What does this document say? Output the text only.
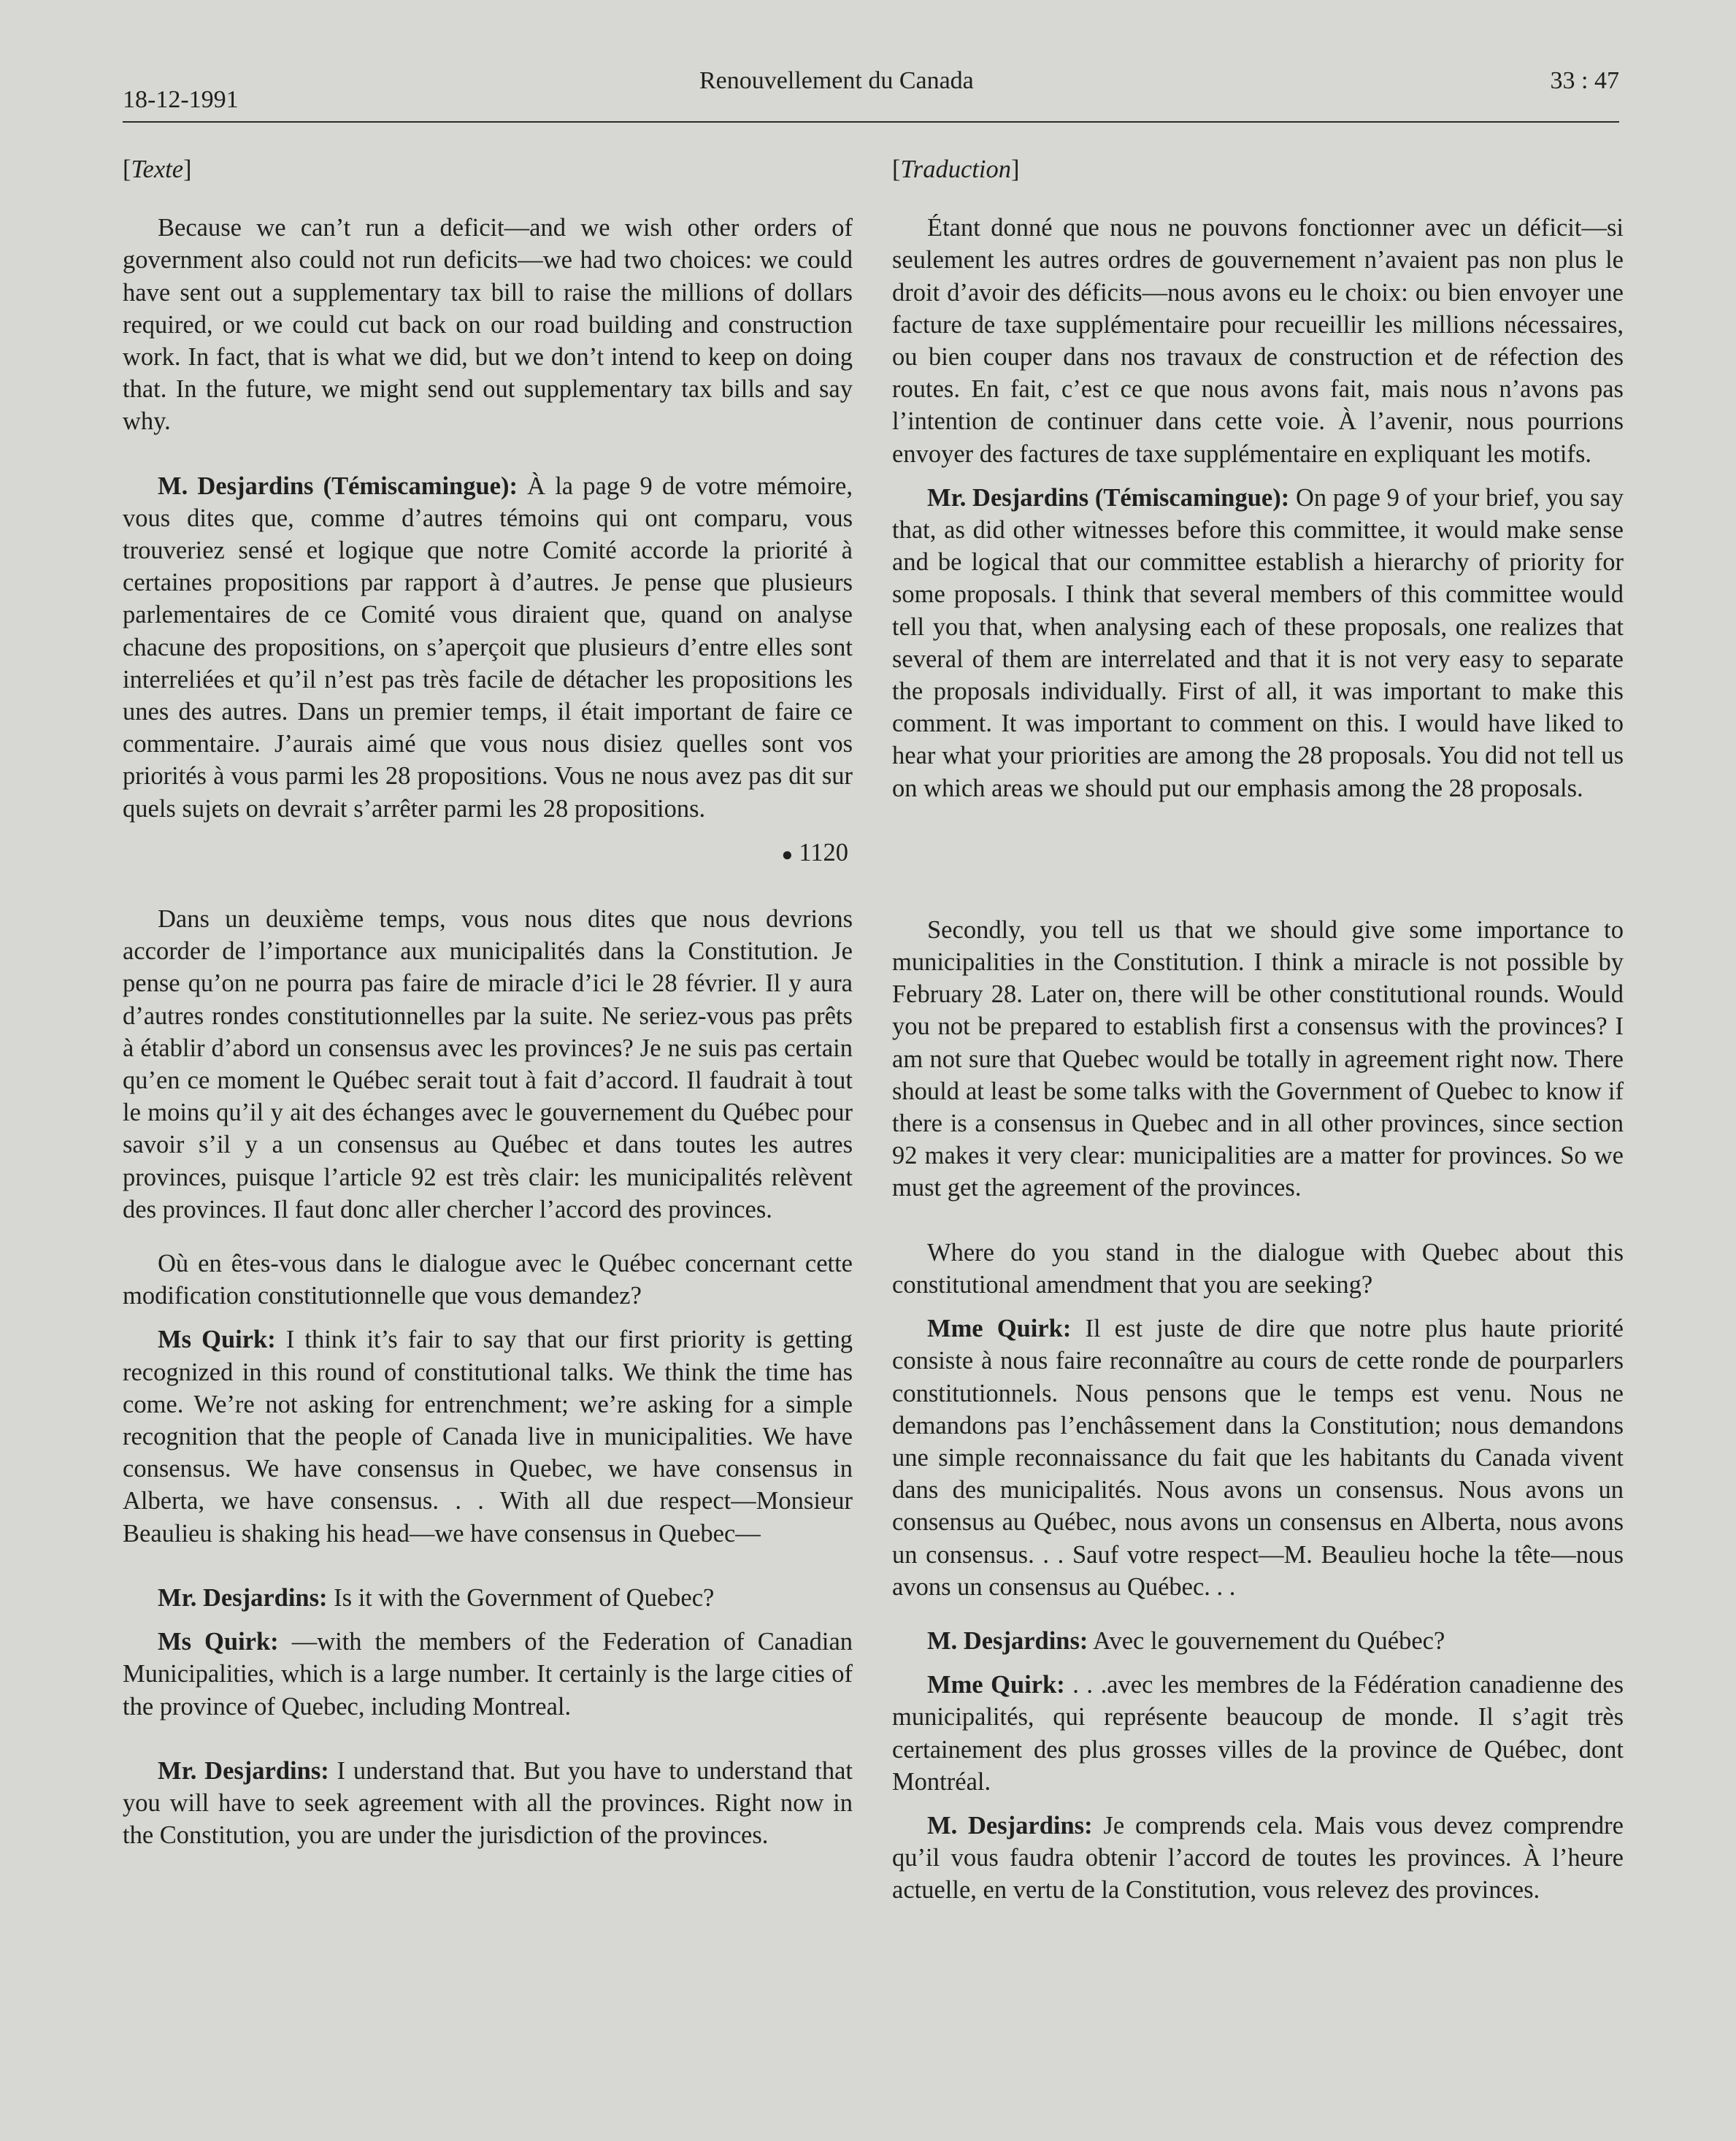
18-12-1991
Renouvellement du Canada	33 : 47

[Texte]

Because we can’t run a deficit—and we wish other orders of government also could not run deficits—we had two choices: we could have sent out a supplementary tax bill to raise the millions of dollars required, or we could cut back on our road building and construction work. In fact, that is what we did, but we don’t intend to keep on doing that. In the future, we might send out supplementary tax bills and say why.

M. Desjardins (Témiscamingue): À la page 9 de votre mémoire, vous dites que, comme d’autres témoins qui ont comparu, vous trouveriez sensé et logique que notre Comité accorde la priorité à certaines propositions par rapport à d’autres. Je pense que plusieurs parlementaires de ce Comité vous diraient que, quand on analyse chacune des propositions, on s’aperçoit que plusieurs d’entre elles sont interreliées et qu’il n’est pas très facile de détacher les propositions les unes des autres. Dans un premier temps, il était important de faire ce commentaire. J’aurais aimé que vous nous disiez quelles sont vos priorités à vous parmi les 28 propositions. Vous ne nous avez pas dit sur quels sujets on devrait s’arrêter parmi les 28 propositions.

● 1120

Dans un deuxième temps, vous nous dites que nous devrions accorder de l’importance aux municipalités dans la Constitution. Je pense qu’on ne pourra pas faire de miracle d’ici le 28 février. Il y aura d’autres rondes constitutionnelles par la suite. Ne seriez-vous pas prêts à établir d’abord un consensus avec les provinces? Je ne suis pas certain qu’en ce moment le Québec serait tout à fait d’accord. Il faudrait à tout le moins qu’il y ait des échanges avec le gouvernement du Québec pour savoir s’il y a un consensus au Québec et dans toutes les autres provinces, puisque l’article 92 est très clair: les municipalités relèvent des provinces. Il faut donc aller chercher l’accord des provinces.

Où en êtes-vous dans le dialogue avec le Québec concernant cette modification constitutionnelle que vous demandez?

Ms Quirk: I think it’s fair to say that our first priority is getting recognized in this round of constitutional talks. We think the time has come. We’re not asking for entrenchment; we’re asking for a simple recognition that the people of Canada live in municipalities. We have consensus. We have consensus in Quebec, we have consensus in Alberta, we have consensus. . . With all due respect—Monsieur Beaulieu is shaking his head—we have consensus in Quebec—

Mr. Desjardins: Is it with the Government of Quebec?

Ms Quirk: —with the members of the Federation of Canadian Municipalities, which is a large number. It certainly is the large cities of the province of Quebec, including Montreal.

Mr. Desjardins: I understand that. But you have to understand that you will have to seek agreement with all the provinces. Right now in the Constitution, you are under the jurisdiction of the provinces.

[Traduction]

Étant donné que nous ne pouvons fonctionner avec un déficit—si seulement les autres ordres de gouvernement n’avaient pas non plus le droit d’avoir des déficits—nous avons eu le choix: ou bien envoyer une facture de taxe supplémentaire pour recueillir les millions nécessaires, ou bien couper dans nos travaux de construction et de réfection des routes. En fait, c’est ce que nous avons fait, mais nous n’avons pas l’intention de continuer dans cette voie. À l’avenir, nous pourrions envoyer des factures de taxe supplémentaire en expliquant les motifs.

Mr. Desjardins (Témiscamingue): On page 9 of your brief, you say that, as did other witnesses before this committee, it would make sense and be logical that our committee establish a hierarchy of priority for some proposals. I think that several members of this committee would tell you that, when analysing each of these proposals, one realizes that several of them are interrelated and that it is not very easy to separate the proposals individually. First of all, it was important to make this comment. It was important to comment on this. I would have liked to hear what your priorities are among the 28 proposals. You did not tell us on which areas we should put our emphasis among the 28 proposals.

Secondly, you tell us that we should give some importance to municipalities in the Constitution. I think a miracle is not possible by February 28. Later on, there will be other constitutional rounds. Would you not be prepared to establish first a consensus with the provinces? I am not sure that Quebec would be totally in agreement right now. There should at least be some talks with the Government of Quebec to know if there is a consensus in Quebec and in all other provinces, since section 92 makes it very clear: municipalities are a matter for provinces. So we must get the agreement of the provinces.

Where do you stand in the dialogue with Quebec about this constitutional amendment that you are seeking?

Mme Quirk: Il est juste de dire que notre plus haute priorité consiste à nous faire reconnaître au cours de cette ronde de pourparlers constitutionnels. Nous pensons que le temps est venu. Nous ne demandons pas l’enchâssement dans la Constitution; nous demandons une simple reconnaissance du fait que les habitants du Canada vivent dans des municipalités. Nous avons un consensus. Nous avons un consensus au Québec, nous avons un consensus en Alberta, nous avons un consensus. . . Sauf votre respect—M. Beaulieu hoche la tête—nous avons un consensus au Québec. . .

M. Desjardins: Avec le gouvernement du Québec?

Mme Quirk: . . .avec les membres de la Fédération canadienne des municipalités, qui représente beaucoup de monde. Il s’agit très certainement des plus grosses villes de la province de Québec, dont Montréal.

M. Desjardins: Je comprends cela. Mais vous devez comprendre qu’il vous faudra obtenir l’accord de toutes les provinces. À l’heure actuelle, en vertu de la Constitution, vous relevez des provinces.
